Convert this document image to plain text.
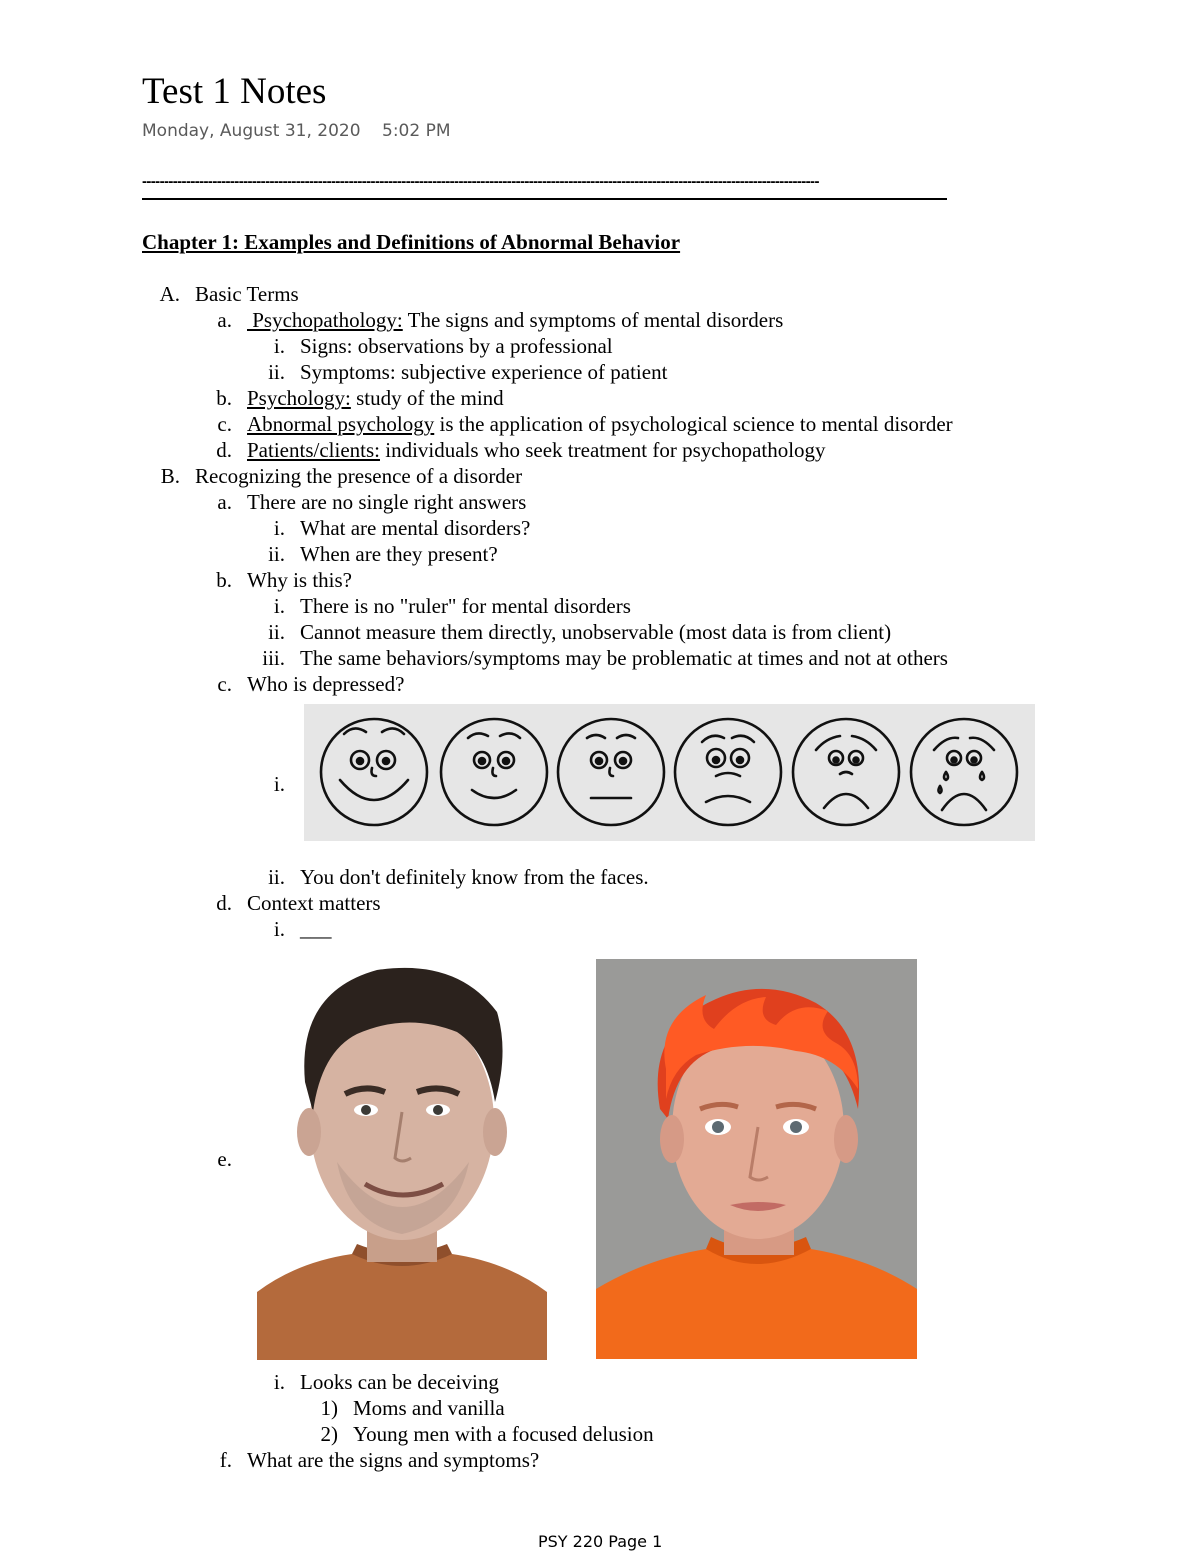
Test 1 Notes
Monday, August 31, 2020 5:02 PM
----------------------------------------------------------------------------------------------------------------------------------------------------------
Chapter 1: Examples and Definitions of Abnormal Behavior
A. Basic Terms
a. Psychopathology: The signs and symptoms of mental disorders
i. Signs: observations by a professional
ii. Symptoms: subjective experience of patient
b. Psychology: study of the mind
c. Abnormal psychology is the application of psychological science to mental disorder
d. Patients/clients: individuals who seek treatment for psychopathology
B. Recognizing the presence of a disorder
a. There are no single right answers
i. What are mental disorders?
ii. When are they present?
b. Why is this?
i. There is no "ruler" for mental disorders
ii. Cannot measure them directly, unobservable (most data is from client)
iii. The same behaviors/symptoms may be problematic at times and not at others
c. Who is depressed?
i.
ii. You don't definitely know from the faces.
d. Context matters
i. ___
e.
i. Looks can be deceiving
1) Moms and vanilla
2) Young men with a focused delusion
f. What are the signs and symptoms?
PSY 220 Page 1
